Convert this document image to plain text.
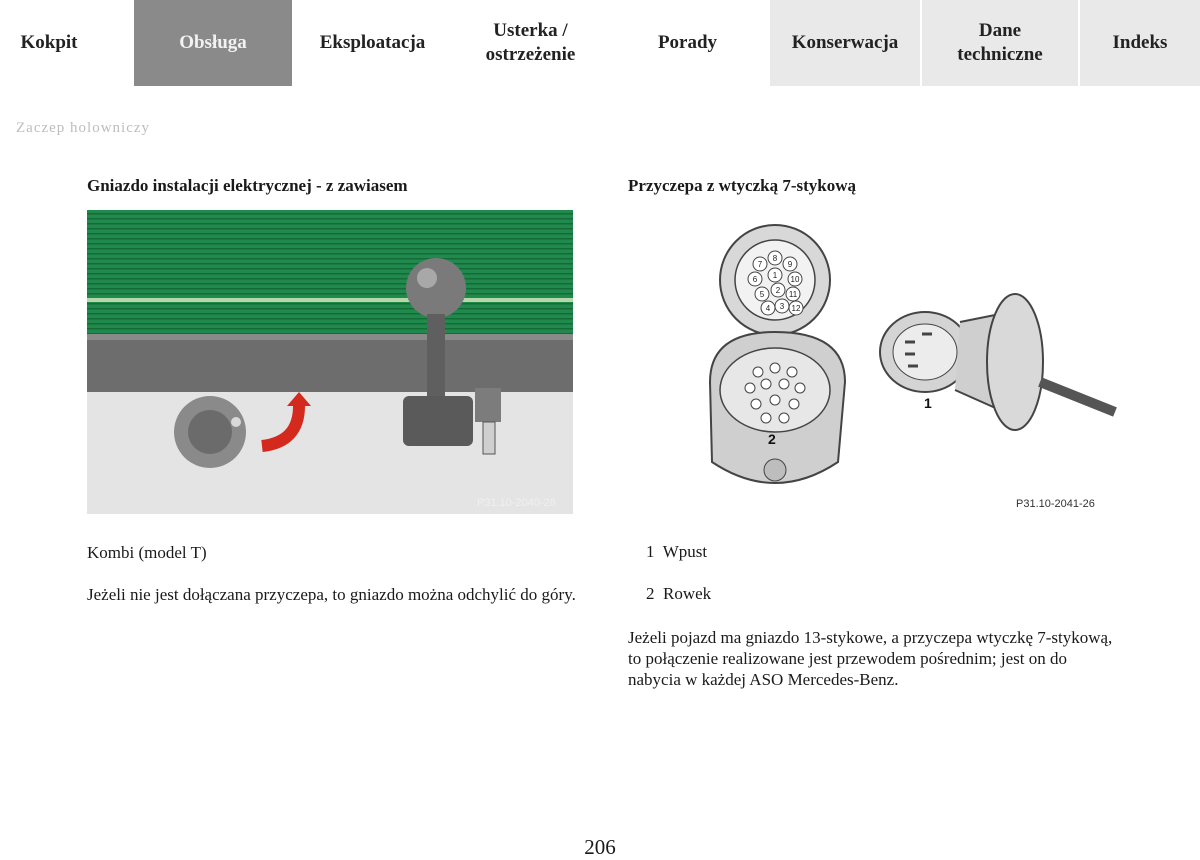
Kokpit	Obsługa	Eksploatacja
Usterka /
ostrzeżenie
Porady	Konserwacja
Dane
techniczne
Indeks
Zaczep holowniczy
Gniazdo instalacji elektrycznej - z zawiasem
P31.10-2040-26
Kombi (model T)
Jeżeli nie jest dołączana przyczepa, to gniazdo można odchylić do góry.
Przyczepa z wtyczką 7-stykową
7
8
9
6 1 10
5 2 11
4 3 12
2
1
P31.10-2041-26
1 Wpust
2 Rowek
Jeżeli pojazd ma gniazdo 13-stykowe, a przyczepa wtyczkę 7-stykową, to połączenie realizowane jest przewodem pośrednim; jest on do nabycia w każdej ASO Mercedes-Benz.
206
